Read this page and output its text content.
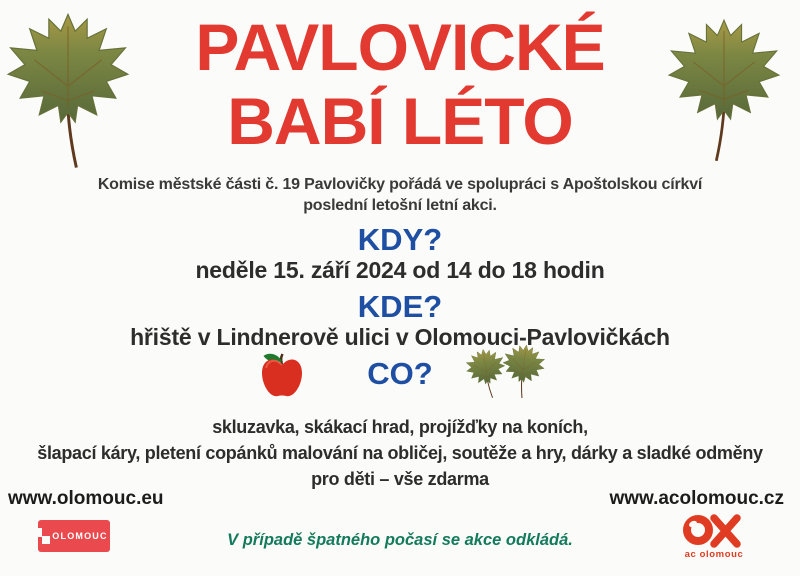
PAVLOVICKÉ
BABÍ LÉTO
Komise městské části č. 19 Pavlovičky pořádá ve spolupráci s Apoštolskou církví
poslední letošní letní akci.
KDY?
neděle 15. září 2024 od 14 do 18 hodin
KDE?
hřiště v Lindnerově ulici v Olomouci-Pavlovičkách
CO?
skluzavka, skákací hrad, projížďky na koních,
šlapací káry, pletení copánků malování na obličej, soutěže a hry, dárky a sladké odměny
pro děti – vše zdarma
www.olomouc.eu	www.acolomouc.cz
OLOMOUC	V případě špatného počasí se akce odkládá.
ac olomouc
